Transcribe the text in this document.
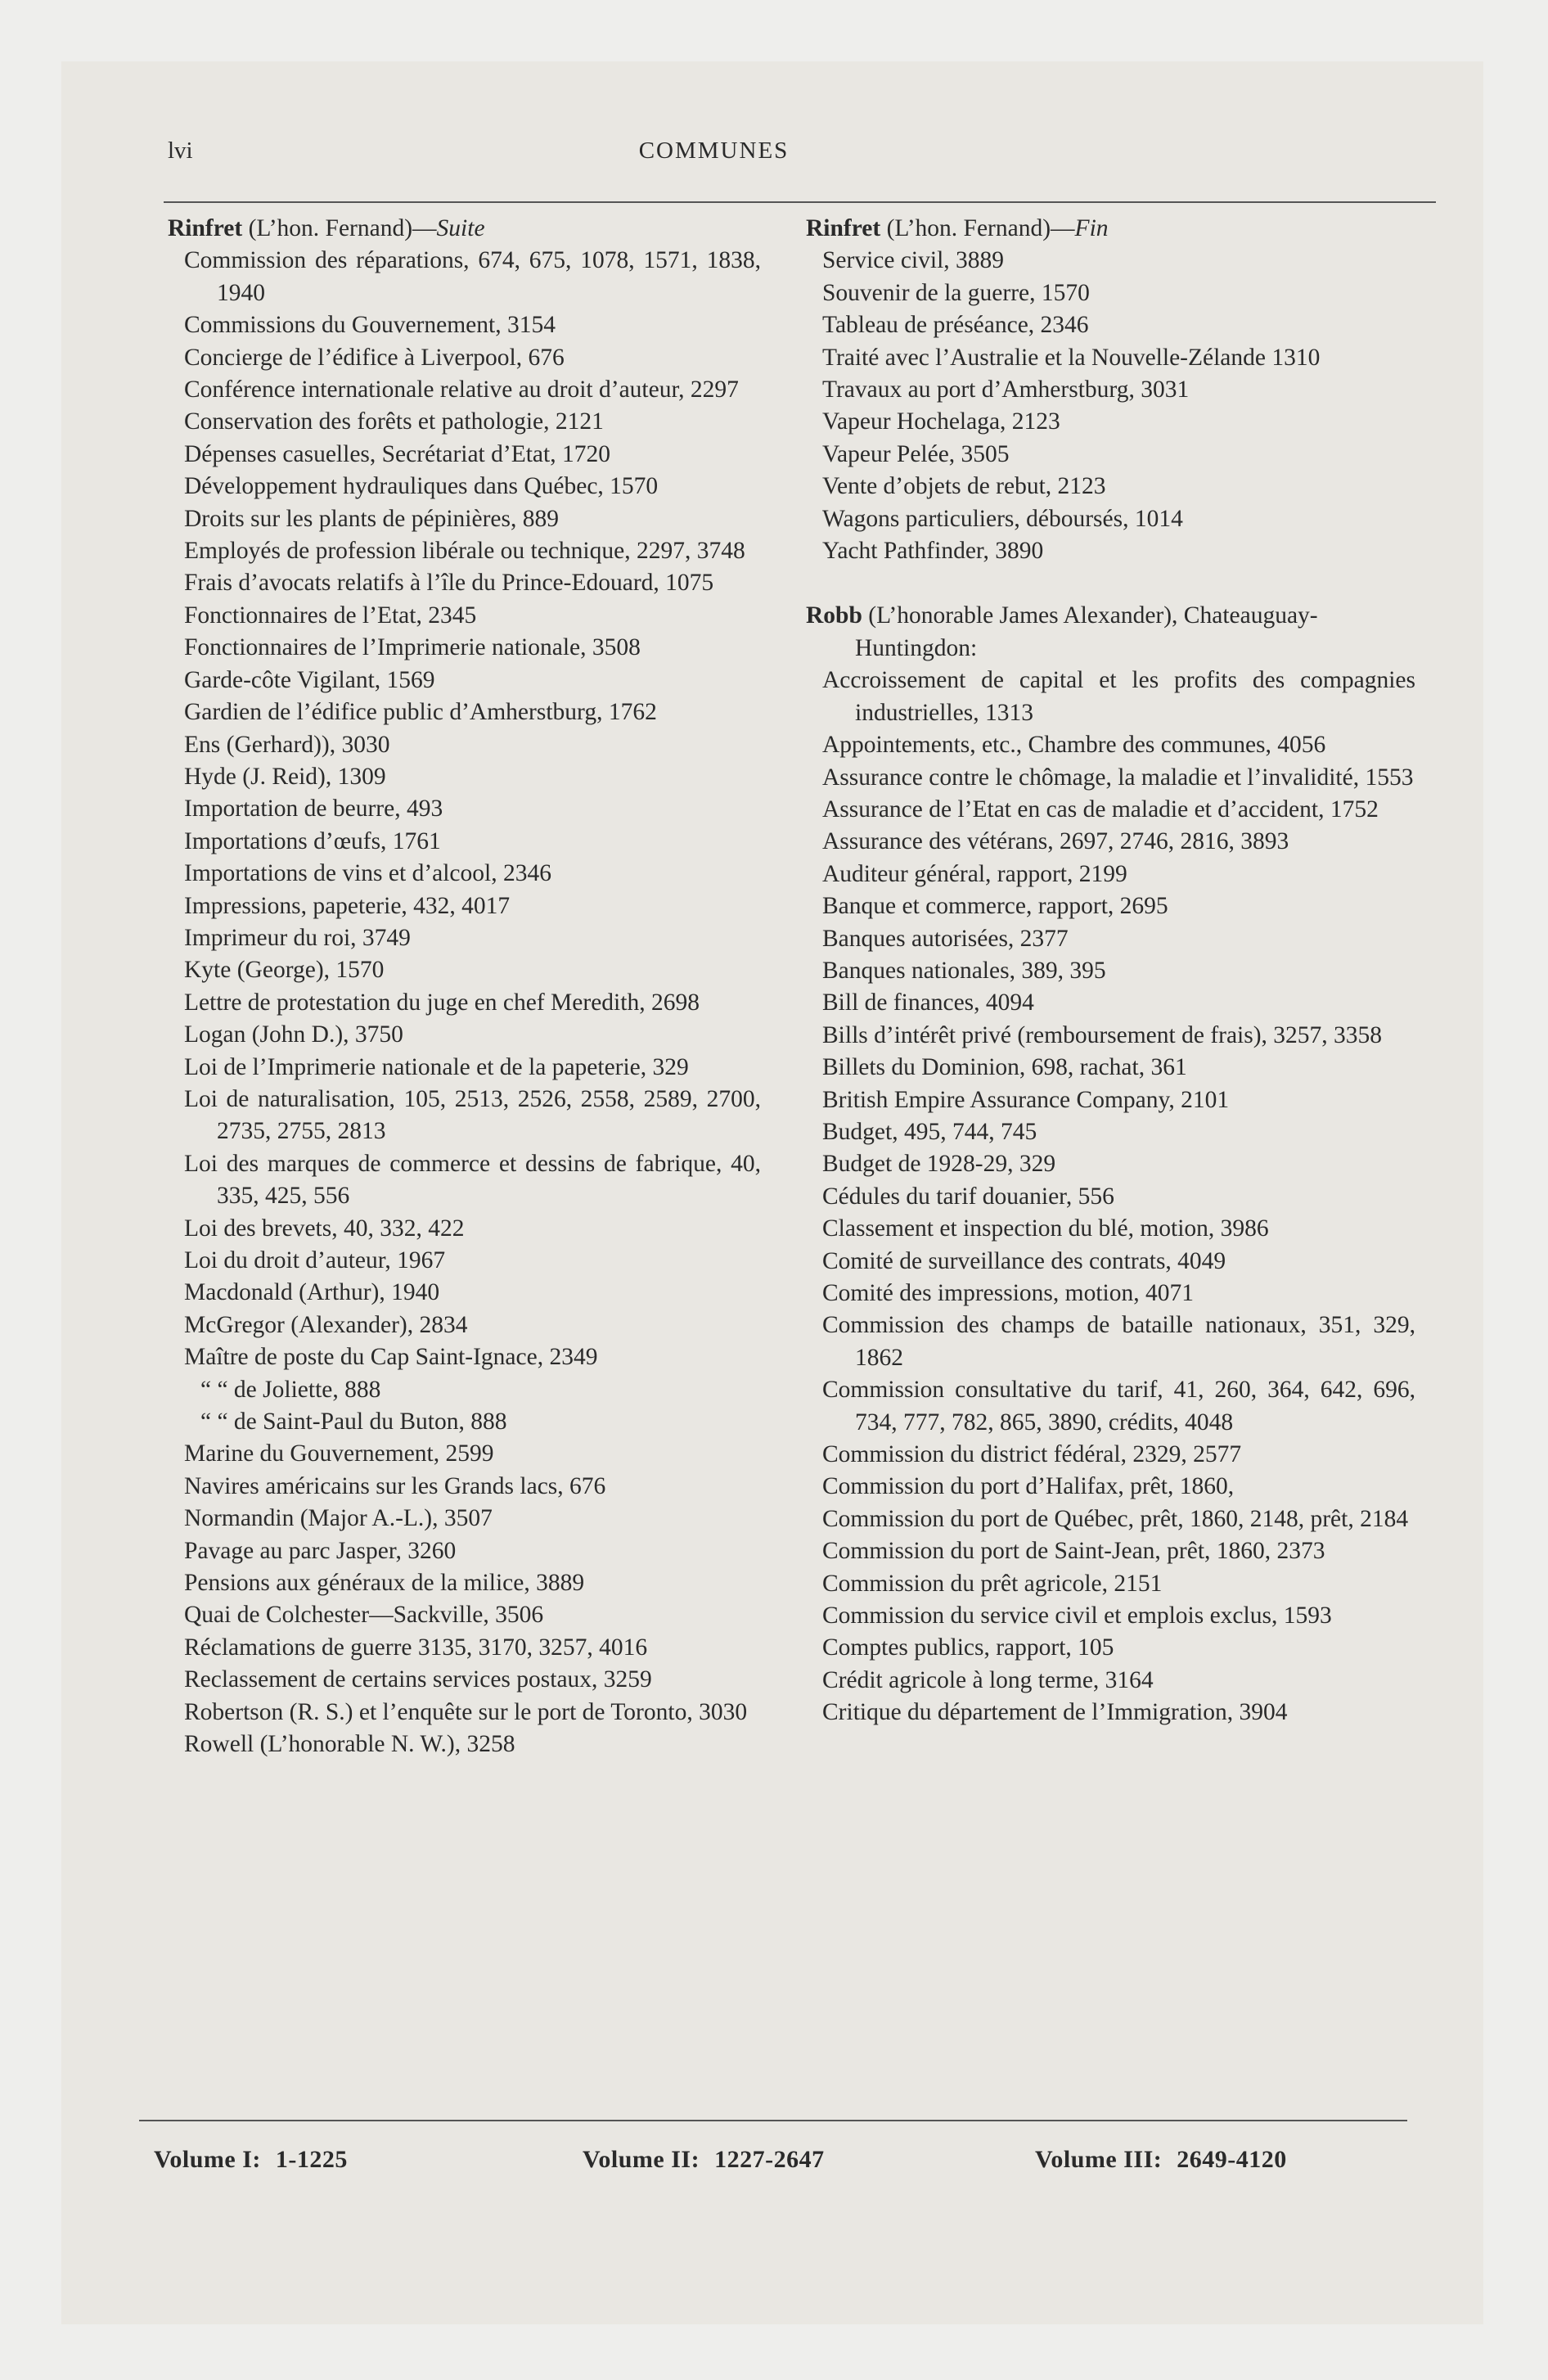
lvi	COMMUNES
Rinfret (L’hon. Fernand)—Suite
Commission des réparations, 674, 675, 1078, 1571, 1838, 1940
Commissions du Gouvernement, 3154
Concierge de l’édifice à Liverpool, 676
Conférence internationale relative au droit d’auteur, 2297
Conservation des forêts et pathologie, 2121
Dépenses casuelles, Secrétariat d’Etat, 1720
Développement hydrauliques dans Québec, 1570
Droits sur les plants de pépinières, 889
Employés de profession libérale ou technique, 2297, 3748
Frais d’avocats relatifs à l’île du Prince-Edouard, 1075
Fonctionnaires de l’Etat, 2345
Fonctionnaires de l’Imprimerie nationale, 3508
Garde-côte Vigilant, 1569
Gardien de l’édifice public d’Amherstburg, 1762
Ens (Gerhard)), 3030
Hyde (J. Reid), 1309
Importation de beurre, 493
Importations d’œufs, 1761
Importations de vins et d’alcool, 2346
Impressions, papeterie, 432, 4017
Imprimeur du roi, 3749
Kyte (George), 1570
Lettre de protestation du juge en chef Meredith, 2698
Logan (John D.), 3750
Loi de l’Imprimerie nationale et de la papeterie, 329
Loi de naturalisation, 105, 2513, 2526, 2558, 2589, 2700, 2735, 2755, 2813
Loi des marques de commerce et dessins de fabrique, 40, 335, 425, 556
Loi des brevets, 40, 332, 422
Loi du droit d’auteur, 1967
Macdonald (Arthur), 1940
McGregor (Alexander), 2834
Maître de poste du Cap Saint-Ignace, 2349
“ “ de Joliette, 888
“ “ de Saint-Paul du Buton, 888
Marine du Gouvernement, 2599
Navires américains sur les Grands lacs, 676
Normandin (Major A.-L.), 3507
Pavage au parc Jasper, 3260
Pensions aux généraux de la milice, 3889
Quai de Colchester—Sackville, 3506
Réclamations de guerre 3135, 3170, 3257, 4016
Reclassement de certains services postaux, 3259
Robertson (R. S.) et l’enquête sur le port de Toronto, 3030
Rowell (L’honorable N. W.), 3258
Rinfret (L’hon. Fernand)—Fin
Service civil, 3889
Souvenir de la guerre, 1570
Tableau de préséance, 2346
Traité avec l’Australie et la Nouvelle-Zélande 1310
Travaux au port d’Amherstburg, 3031
Vapeur Hochelaga, 2123
Vapeur Pelée, 3505
Vente d’objets de rebut, 2123
Wagons particuliers, déboursés, 1014
Yacht Pathfinder, 3890
Robb (L’honorable James Alexander), Chateauguay-Huntingdon:
Accroissement de capital et les profits des compagnies industrielles, 1313
Appointements, etc., Chambre des communes, 4056
Assurance contre le chômage, la maladie et l’invalidité, 1553
Assurance de l’Etat en cas de maladie et d’accident, 1752
Assurance des vétérans, 2697, 2746, 2816, 3893
Auditeur général, rapport, 2199
Banque et commerce, rapport, 2695
Banques autorisées, 2377
Banques nationales, 389, 395
Bill de finances, 4094
Bills d’intérêt privé (remboursement de frais), 3257, 3358
Billets du Dominion, 698, rachat, 361
British Empire Assurance Company, 2101
Budget, 495, 744, 745
Budget de 1928-29, 329
Cédules du tarif douanier, 556
Classement et inspection du blé, motion, 3986
Comité de surveillance des contrats, 4049
Comité des impressions, motion, 4071
Commission des champs de bataille nationaux, 351, 329, 1862
Commission consultative du tarif, 41, 260, 364, 642, 696, 734, 777, 782, 865, 3890, crédits, 4048
Commission du district fédéral, 2329, 2577
Commission du port d’Halifax, prêt, 1860,
Commission du port de Québec, prêt, 1860, 2148, prêt, 2184
Commission du port de Saint-Jean, prêt, 1860, 2373
Commission du prêt agricole, 2151
Commission du service civil et emplois exclus, 1593
Comptes publics, rapport, 105
Crédit agricole à long terme, 3164
Critique du département de l’Immigration, 3904
Volume I: 1-1225	Volume II: 1227-2647	Volume III: 2649-4120
